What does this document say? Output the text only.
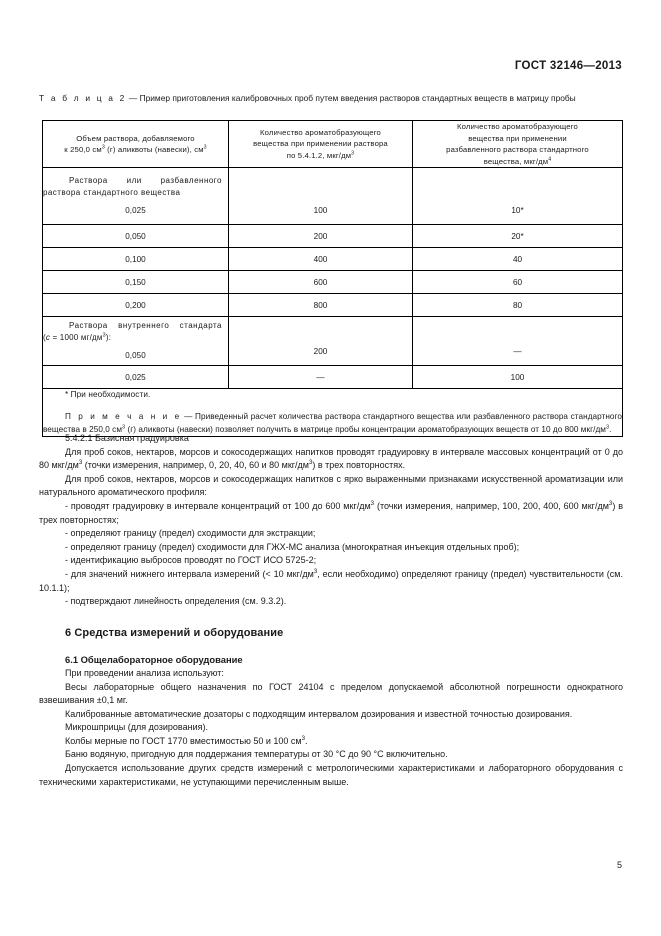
ГОСТ 32146—2013
Т а б л и ц а 2 — Пример приготовления калибровочных проб путем введения растворов стандартных веществ в матрицу пробы
Объем раствора, добавляемого
к 250,0 $см^3$ (г) аликвоты (навески), $см^3$	Количество ароматобразующего
вещества при применении раствора
по 5.4.1.2, мкг/$дм^3$	Количество ароматобразующего
вещества при применении
разбавленного раствора стандартного
вещества, мкг/$дм^4$

Раствора или разбавленного
раствора стандартного вещества
0,025	100	10*

0,050	200	20*
0,100	400	40
0,150	600	60
0,200	800	80

Раствора внутреннего стандарта
(с = 1000 $мг/дм^3$):
0,050	200	—

0,025	—	100

* При необходимости.
П р и м е ч а н и е — Приведенный расчет количества раствора стандартного вещества или разбавленного раствора стандартного вещества в 250,0 $см^3$ (г) аликвоты (навески) позволяет получить в матрице пробы концентрации ароматобразующих веществ от 10 до 800 мкг/$дм^3$.		

5.4.2.1 Базисная градуировка

Для проб соков, нектаров, морсов и сокосодержащих напитков проводят градуировку в интервале массовых концентраций от 0 до 80 мкг/$дм^3$ (точки измерения, например, 0, 20, 40, 60 и 80 мкг/$дм^3$) в трех повторностях.

Для проб соков, нектаров, морсов и сокосодержащих напитков с ярко выраженными признаками искусственной ароматизации или натурального ароматического профиля:

- проводят градуировку в интервале концентраций от 100 до 600 мкг/$дм^3$ (точки измерения, например, 100, 200, 400, 600 мкг/$дм^3$) в трех повторностях;

- определяют границу (предел) сходимости для экстракции;

- определяют границу (предел) сходимости для ГЖХ-МС анализа (многократная инъекция отдельных проб);

- идентификацию выбросов проводят по ГОСТ ИСО 5725-2;

- для значений нижнего интервала измерений (< 10 мкг/$дм^3$, если необходимо) определяют границу (предел) чувствительности (см. 10.1.1);

- подтверждают линейность определения (см. 9.3.2).

6 Средства измерений и оборудование

6.1 Общелабораторное оборудование

При проведении анализа используют:

Весы лабораторные общего назначения по ГОСТ 24104 с пределом допускаемой абсолютной погрешности однократного взвешивания ±0,1 мг.

Калиброванные автоматические дозаторы с подходящим интервалом дозирования и известной точностью дозирования.

Микрошприцы (для дозирования).

Колбы мерные по ГОСТ 1770 вместимостью 50 и 100 $см^3$.

Баню водяную, пригодную для поддержания температуры от 30 °С до 90 °С включительно.

Допускается использование других средств измерений с метрологическими характеристиками и лабораторного оборудования с техническими характеристиками, не уступающими перечисленным выше.

5
